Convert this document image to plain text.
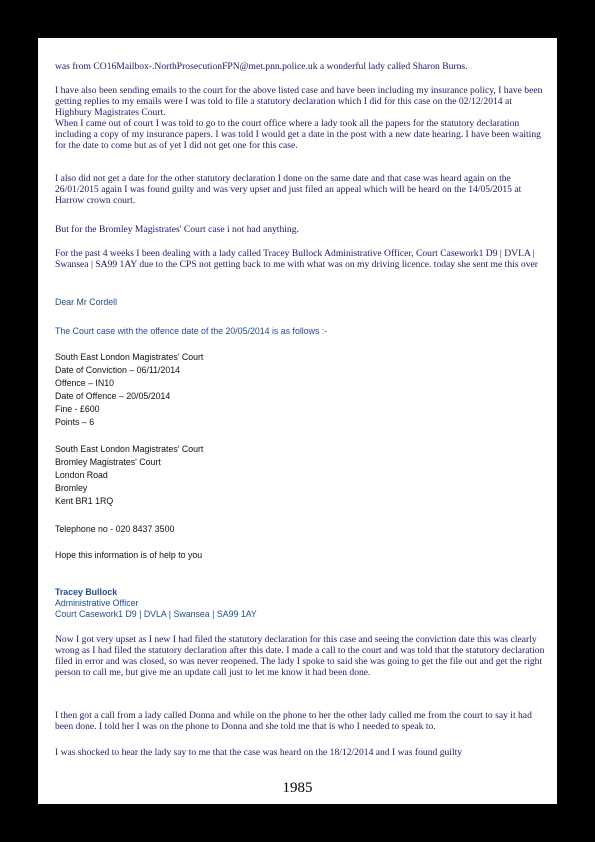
was from CO16Mailbox-.NorthProsecutionFPN@met.pnn.police.uk a wonderful lady called Sharon Burns.

I have also been sending emails to the court for the above listed case and have been including my insurance policy, I have been getting replies to my emails were I was told to file a statutory declaration which I did for this case on the 02/12/2014 at Highbury Magistrates Court.

When I came out of court I was told to go to the court office where a lady took all the papers for the statutory declaration including a copy of my insurance papers. I was told I would get a date in the post with a new date hearing. I have been waiting for the date to come but as of yet I did not get one for this case.

I also did not get a date for the other statutory declaration I done on the same date and that case was heard again on the 26/01/2015 again I was found guilty and was very upset and just filed an appeal which will be heard on the 14/05/2015 at Harrow crown court.

But for the Bromley Magistrates' Court case i not had anything.

For the past 4 weeks I been dealing with a lady called Tracey Bullock Administrative Officer, Court Casework1 D9 | DVLA | Swansea | SA99 1AY due to the CPS not getting back to me with what was on my driving licence. today she sent me this over

Dear Mr Cordell
The Court case with the offence date of the 20/05/2014 is as follows :-

South East London Magistrates' Court

Date of Conviction – 06/11/2014

Offence – IN10

Date of Offence – 20/05/2014

Fine - £600

Points – 6

South East London Magistrates' Court

Bromley Magistrates' Court

London Road

Bromley

Kent BR1 1RQ

Telephone no - 020 8437 3500
Hope this information is of help to you

Tracey Bullock

Administrative Officer

Court Casework1 D9 | DVLA | Swansea | SA99 1AY

Now I got very upset as I new I had filed the statutory declaration for this case and seeing the conviction date this was clearly wrong as I had filed the statutory declaration after this date. I made a call to the court and was told that the statutory declaration filed in error and was closed, so was never reopened. The lady I spoke to said she was going to get the file out and get the right person to call me, but give me an update call just to let me know it had been done.

I then got a call from a lady called Donna and while on the phone to her the other lady called me from the court to say it had been done. I told her I was on the phone to Donna and she told me that is who I needed to speak to.

I was shocked to hear the lady say to me that the case was heard on the 18/12/2014 and I was found guilty

1985
